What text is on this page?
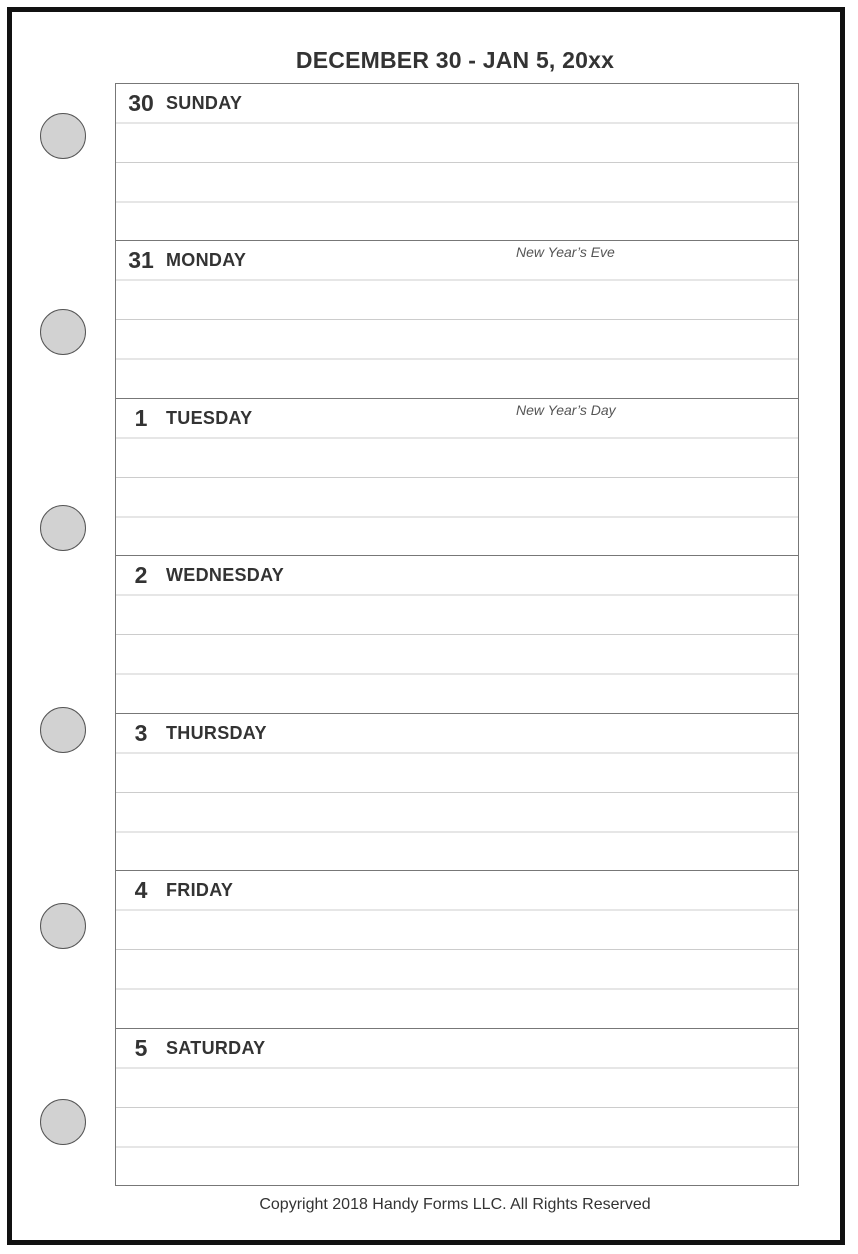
DECEMBER 30 - JAN 5, 20xx
30 SUNDAY
31 MONDAY	New Year’s Eve
1	TUESDAY	New Year’s Day
2	WEDNESDAY
3	THURSDAY
4	FRIDAY
5	SATURDAY
Copyright 2018 Handy Forms LLC. All Rights Reserved
